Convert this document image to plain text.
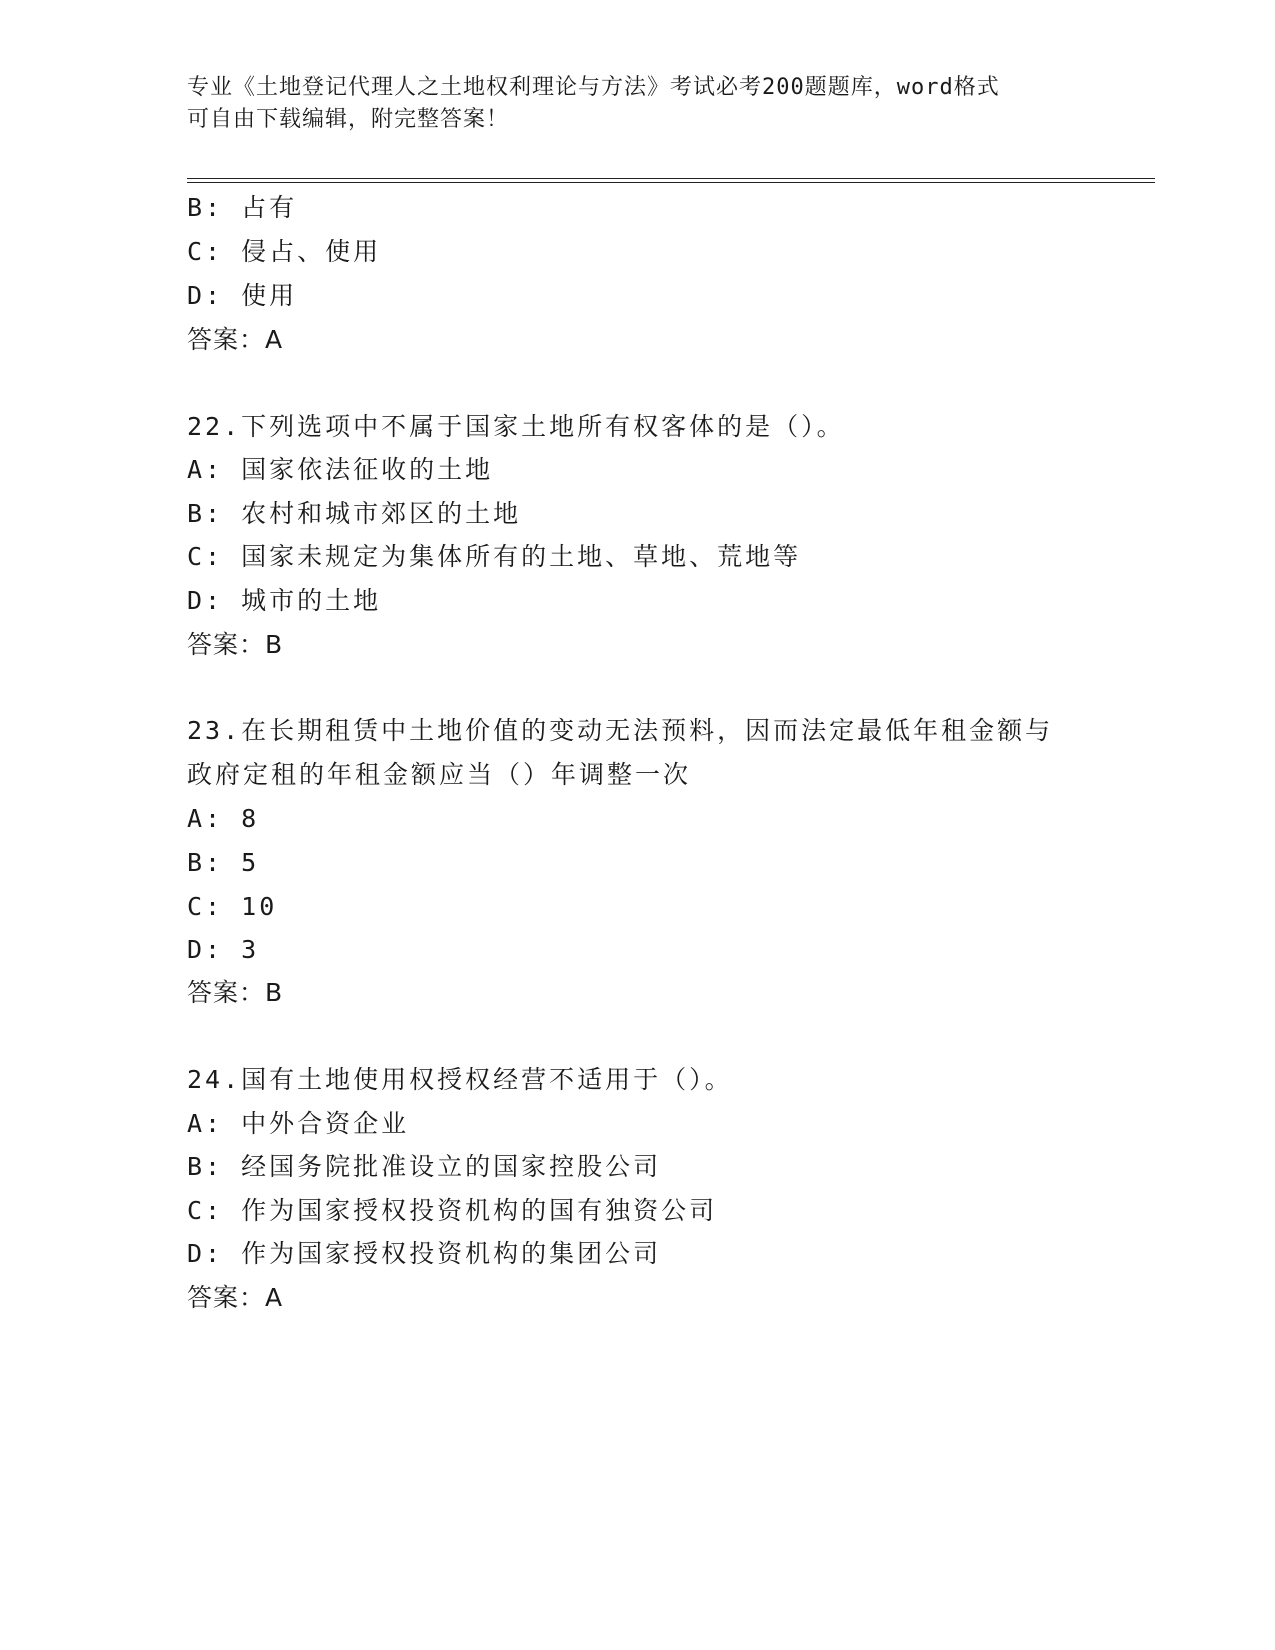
专业《土地登记代理人之土地权利理论与方法》考试必考200题题库，word格式
可自由下载编辑，附完整答案！
B: 占有
C: 侵占、使用
D: 使用
答案：A
22.下列选项中不属于国家土地所有权客体的是（）。
A: 国家依法征收的土地
B: 农村和城市郊区的土地
C: 国家未规定为集体所有的土地、草地、荒地等
D: 城市的土地
答案：B
23.在长期租赁中土地价值的变动无法预料，因而法定最低年租金额与
政府定租的年租金额应当（）年调整一次
A: 8
B: 5
C: 10
D: 3
答案：B
24.国有土地使用权授权经营不适用于（）。
A: 中外合资企业
B: 经国务院批准设立的国家控股公司
C: 作为国家授权投资机构的国有独资公司
D: 作为国家授权投资机构的集团公司
答案：A
